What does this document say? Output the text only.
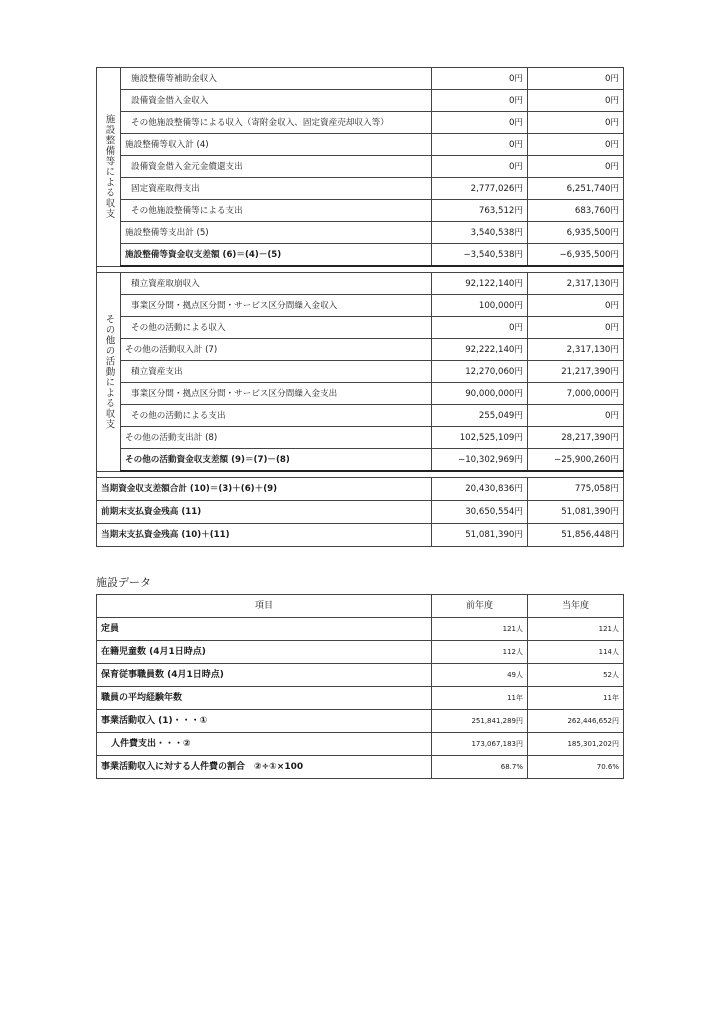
施設整備等による収支	施設整備等補助金収入	0円	0円
	設備資金借入金収入	0円	0円
	その他施設整備等による収入（寄附金収入、固定資産売却収入等）	0円	0円
	施設整備等収入計 (4)	0円	0円
	設備資金借入金元金償還支出	0円	0円
	固定資産取得支出	2,777,026円	6,251,740円
	その他施設整備等による支出	763,512円	683,760円
	施設整備等支出計 (5)	3,540,538円	6,935,500円
	施設整備等資金収支差額 (6)＝(4)－(5)	−3,540,538円	−6,935,500円

その他の活動による収支	積立資産取崩収入	92,122,140円	2,317,130円
	事業区分間・拠点区分間・サービス区分間繰入金収入	100,000円	0円
	その他の活動による収入	0円	0円
	その他の活動収入計 (7)	92,222,140円	2,317,130円
	積立資産支出	12,270,060円	21,217,390円
	事業区分間・拠点区分間・サービス区分間繰入金支出	90,000,000円	7,000,000円
	その他の活動による支出	255,049円	0円
	その他の活動支出計 (8)	102,525,109円	28,217,390円
	その他の活動資金収支差額 (9)＝(7)－(8)	−10,302,969円	−25,900,260円

当期資金収支差額合計 (10)＝(3)＋(6)＋(9)		20,430,836円	775,058円
前期末支払資金残高 (11)		30,650,554円	51,081,390円
当期末支払資金残高 (10)＋(11)		51,081,390円	51,856,448円
施設データ
項目	前年度	当年度
定員	121人	121人
在籍児童数 (4月1日時点)	112人	114人
保育従事職員数 (4月1日時点)	49人	52人
職員の平均経験年数	11年	11年
事業活動収入 (1)・・・①	251,841,289円	262,446,652円
人件費支出・・・②	173,067,183円	185,301,202円
事業活動収入に対する人件費の割合　②÷①×100	68.7%	70.6%
